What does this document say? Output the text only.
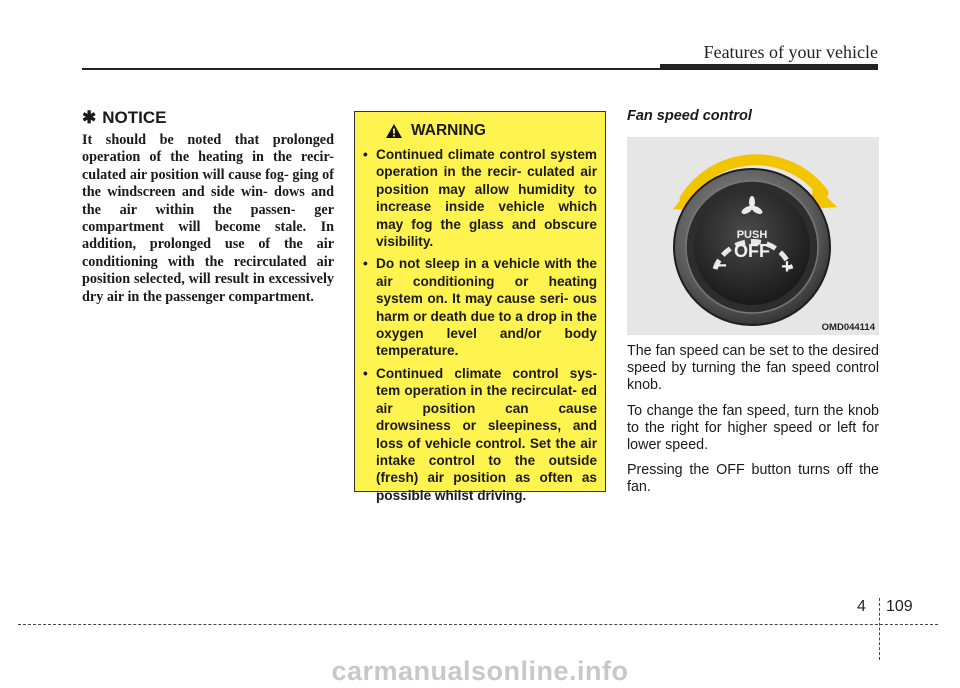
Features of your vehicle
✱ NOTICE

It should be noted that prolonged operation of the heating in the recir- culated air position will cause fog- ging of the windscreen and side win- dows and the air within the passen- ger compartment will become stale. In addition, prolonged use of the air conditioning with the recirculated air position selected, will result in excessively dry air in the passenger compartment.

WARNING
• Continued climate control system operation in the recir- culated air position may allow humidity to increase inside vehicle which may fog the glass and obscure visibility.
• Do not sleep in a vehicle with the air conditioning or heating system on. It may cause seri- ous harm or death due to a drop in the oxygen level and/or body temperature.
• Continued climate control sys- tem operation in the recirculat- ed air position can cause drowsiness or sleepiness, and loss of vehicle control. Set the air intake control to the outside (fresh) air position as often as possible whilst driving.
Fan speed control
PUSH
OFF
−	+
OMD044114

The fan speed can be set to the desired speed by turning the fan speed control knob.

To change the fan speed, turn the knob to the right for higher speed or left for lower speed.

Pressing the OFF button turns off the fan.

4 109
carmanualsonline.info
